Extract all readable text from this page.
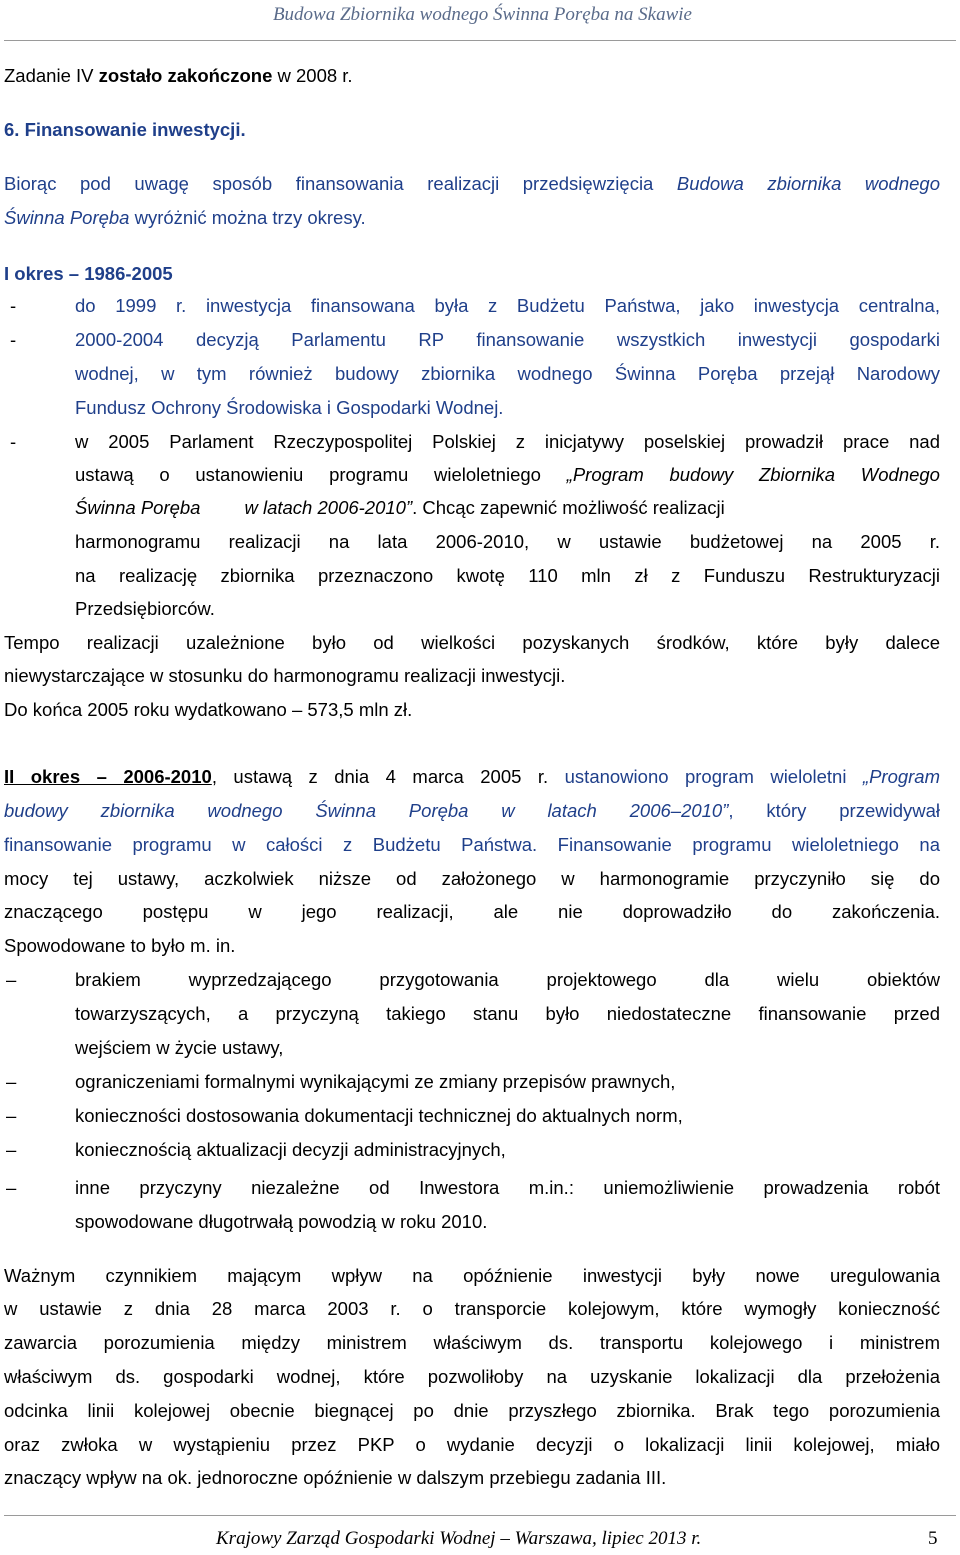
Budowa Zbiornika wodnego Świnna Poręba na Skawie
Zadanie IV zostało zakończone w 2008 r.
6. Finansowanie inwestycji.
Biorąc pod uwagę sposób finansowania realizacji przedsięwzięcia Budowa zbiornika wodnego
Świnna Poręba wyróżnić można trzy okresy.
I okres – 1986-2005
-	do 1999 r. inwestycja finansowana była z Budżetu Państwa, jako inwestycja centralna,
-	2000-2004 decyzją Parlamentu RP finansowanie wszystkich inwestycji gospodarki
wodnej, w tym również budowy zbiornika wodnego Świnna Poręba przejął Narodowy
Fundusz Ochrony Środowiska i Gospodarki Wodnej.
-	w 2005 Parlament Rzeczypospolitej Polskiej z inicjatywy poselskiej prowadził prace nad
ustawą o ustanowieniu programu wieloletniego „Program budowy Zbiornika Wodnego
Świnna Poręba w latach 2006-2010”. Chcąc zapewnić możliwość realizacji
harmonogramu realizacji na lata 2006-2010, w ustawie budżetowej na 2005 r.
na realizację zbiornika przeznaczono kwotę 110 mln zł z Funduszu Restrukturyzacji
Przedsiębiorców.
Tempo realizacji uzależnione było od wielkości pozyskanych środków, które były dalece
niewystarczające w stosunku do harmonogramu realizacji inwestycji.
Do końca 2005 roku wydatkowano – 573,5 mln zł.
II okres – 2006-2010, ustawą z dnia 4 marca 2005 r. ustanowiono program wieloletni „Program
budowy zbiornika wodnego Świnna Poręba w latach 2006–2010”, który przewidywał
finansowanie programu w całości z Budżetu Państwa. Finansowanie programu wieloletniego na
mocy tej ustawy, aczkolwiek niższe od założonego w harmonogramie przyczyniło się do
znaczącego postępu w jego realizacji, ale nie doprowadziło do zakończenia.
Spowodowane to było m. in.
–	brakiem wyprzedzającego przygotowania projektowego dla wielu obiektów
towarzyszących, a przyczyną takiego stanu było niedostateczne finansowanie przed
wejściem w życie ustawy,
–	ograniczeniami formalnymi wynikającymi ze zmiany przepisów prawnych,
–	konieczności dostosowania dokumentacji technicznej do aktualnych norm,
–	koniecznością aktualizacji decyzji administracyjnych,
–	inne przyczyny niezależne od Inwestora m.in.: uniemożliwienie prowadzenia robót
spowodowane długotrwałą powodzią w roku 2010.
Ważnym czynnikiem mającym wpływ na opóźnienie inwestycji były nowe uregulowania
w ustawie z dnia 28 marca 2003 r. o transporcie kolejowym, które wymogły konieczność
zawarcia porozumienia między ministrem właściwym ds. transportu kolejowego i ministrem
właściwym ds. gospodarki wodnej, które pozwoliłoby na uzyskanie lokalizacji dla przełożenia
odcinka linii kolejowej obecnie biegnącej po dnie przyszłego zbiornika. Brak tego porozumienia
oraz zwłoka w wystąpieniu przez PKP o wydanie decyzji o lokalizacji linii kolejowej, miało
znaczący wpływ na ok. jednoroczne opóźnienie w dalszym przebiegu zadania III.
Krajowy Zarząd Gospodarki Wodnej – Warszawa, lipiec 2013 r.	5
